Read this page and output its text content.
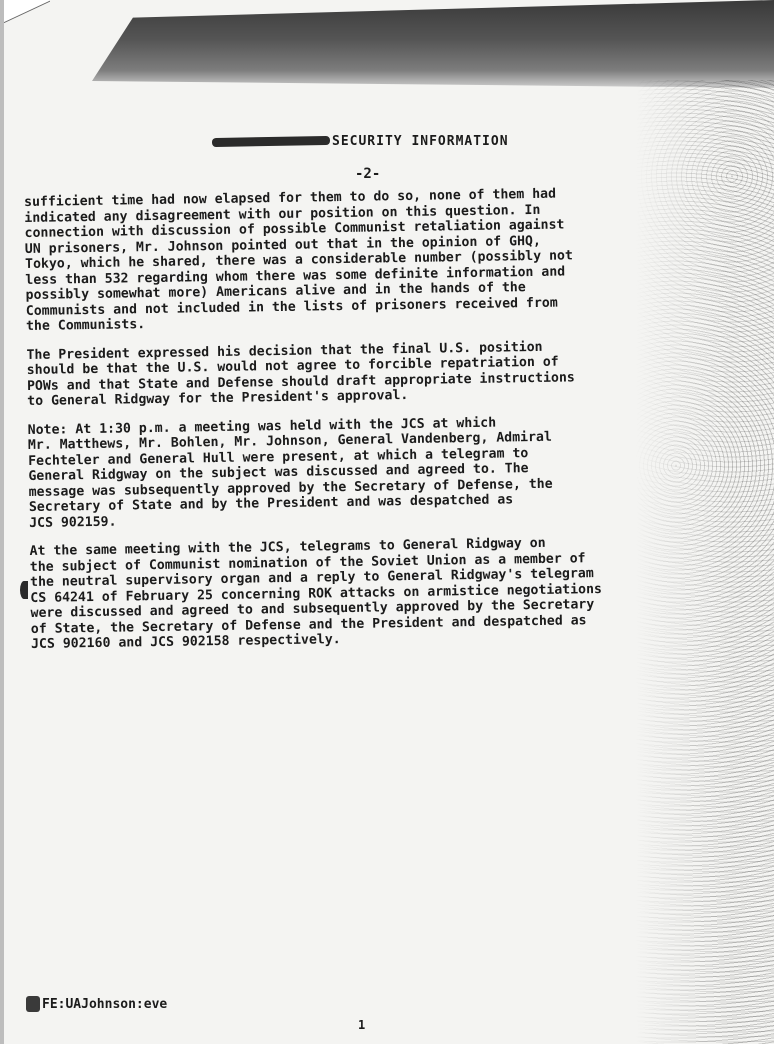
SECURITY INFORMATION
-2-

sufficient time had now elapsed for them to do so, none of them had
indicated any disagreement with our position on this question. In
connection with discussion of possible Communist retaliation against
UN prisoners, Mr. Johnson pointed out that in the opinion of GHQ,
Tokyo, which he shared, there was a considerable number (possibly not
less than 532 regarding whom there was some definite information and
possibly somewhat more) Americans alive and in the hands of the
Communists and not included in the lists of prisoners received from
the Communists.

The President expressed his decision that the final U.S. position
should be that the U.S. would not agree to forcible repatriation of
POWs and that State and Defense should draft appropriate instructions
to General Ridgway for the President's approval.

Note: At 1:30 p.m. a meeting was held with the JCS at which
Mr. Matthews, Mr. Bohlen, Mr. Johnson, General Vandenberg, Admiral
Fechteler and General Hull were present, at which a telegram to
General Ridgway on the subject was discussed and agreed to. The
message was subsequently approved by the Secretary of Defense, the
Secretary of State and by the President and was despatched as
JCS 902159.

At the same meeting with the JCS, telegrams to General Ridgway on
the subject of Communist nomination of the Soviet Union as a member of
the neutral supervisory organ and a reply to General Ridgway's telegram
CS 64241 of February 25 concerning ROK attacks on armistice negotiations
were discussed and agreed to and subsequently approved by the Secretary
of State, the Secretary of Defense and the President and despatched as
JCS 902160 and JCS 902158 respectively.

FE:UAJohnson:eve
1
